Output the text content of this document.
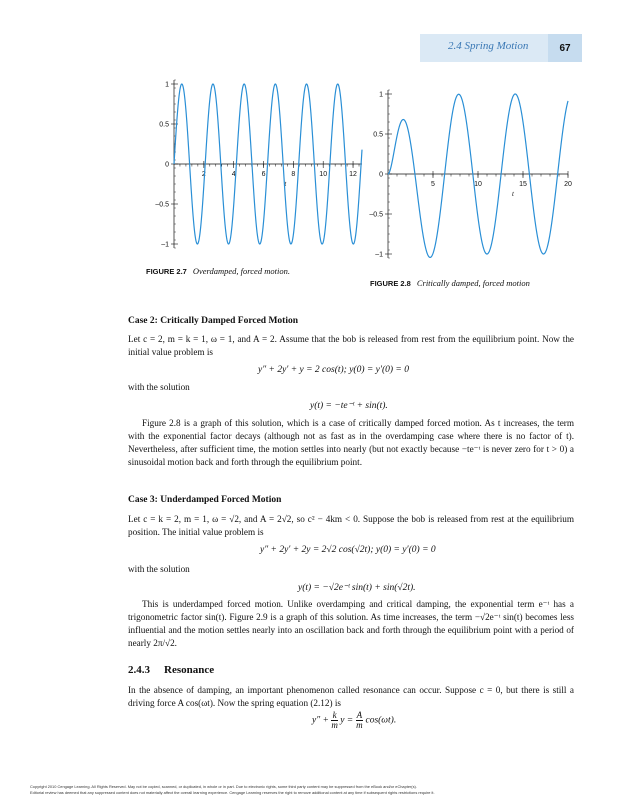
2.4 Spring Motion	67
2	4	6	8	10	12
1
0.5
0
–0.5
–1
t
FIGURE 2.7 Overdamped, forced motion.
5	10	15	20
1
0.5
0
–0.5
–1
t
FIGURE 2.8 Critically damped, forced motion
Case 2: Critically Damped Forced Motion
Let c = 2, m = k = 1, ω = 1, and A = 2. Assume that the bob is released from rest from the equilibrium point. Now the initial value problem is
y″ + 2y′ + y = 2 cos(t); y(0) = y′(0) = 0
with the solution
y(t) = −te⁻ᵗ + sin(t).
Figure 2.8 is a graph of this solution, which is a case of critically damped forced motion. As t increases, the term with the exponential factor decays (although not as fast as in the overdamping case where there is no factor of t). Nevertheless, after sufficient time, the motion settles into nearly (but not exactly because −te⁻ᵗ is never zero for t > 0) a sinusoidal motion back and forth through the equilibrium point.
Case 3: Underdamped Forced Motion
Let c = k = 2, m = 1, ω = √2, and A = 2√2, so c² − 4km < 0. Suppose the bob is released from rest at the equilibrium position. The initial value problem is
y″ + 2y′ + 2y = 2√2 cos(√2t); y(0) = y′(0) = 0
with the solution
y(t) = −√2e⁻ᵗ sin(t) + sin(√2t).
This is underdamped forced motion. Unlike overdamping and critical damping, the exponential term e⁻ᵗ has a trigonometric factor sin(t). Figure 2.9 is a graph of this solution. As time increases, the term −√2e⁻ᵗ sin(t) becomes less influential and the motion settles nearly into an oscillation back and forth through the equilibrium point with a period of nearly 2π/√2.
2.4.3 Resonance
In the absence of damping, an important phenomenon called resonance can occur. Suppose c = 0, but there is still a driving force A cos(ωt). Now the spring equation (2.12) is
$y'' + \frac{k}{m}$ $y = \frac{A}{m} \cos(\omega t)$.
Copyright 2010 Cengage Learning. All Rights Reserved. May not be copied, scanned, or duplicated, in whole or in part. Due to electronic rights, some third party content may be suppressed from the eBook and/or eChapter(s).
Editorial review has deemed that any suppressed content does not materially affect the overall learning experience. Cengage Learning reserves the right to remove additional content at any time if subsequent rights restrictions require it.
